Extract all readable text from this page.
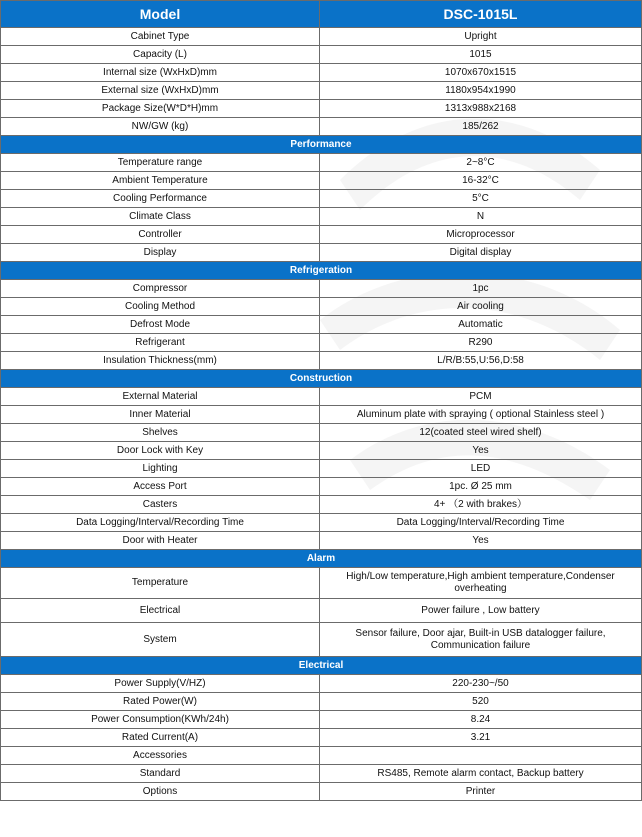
Model	DSC-1015L
Cabinet Type	Upright
Capacity (L)	1015
Internal size (WxHxD)mm	1070x670x1515
External size (WxHxD)mm	1180x954x1990
Package Size(W*D*H)mm	1313x988x2168
NW/GW (kg)	185/262
Performance	
Temperature range	2~8°C
Ambient Temperature	16-32°C
Cooling Performance	5°C
Climate Class	N
Controller	Microprocessor
Display	Digital display
Refrigeration	
Compressor	1pc
Cooling Method	Air cooling
Defrost Mode	Automatic
Refrigerant	R290
Insulation Thickness(mm)	L/R/B:55,U:56,D:58
Construction	
External Material	PCM
Inner Material	Aluminum plate with spraying ( optional Stainless steel )
Shelves	12(coated steel wired shelf)
Door Lock with Key	Yes
Lighting	LED
Access Port	1pc. Ø 25 mm
Casters	4+ （2 with brakes）
Data Logging/Interval/Recording Time	Data Logging/Interval/Recording Time
Door with Heater	Yes
Alarm	
Temperature	High/Low temperature,High ambient temperature,Condenser overheating
Electrical	Power failure , Low battery
System	Sensor failure, Door ajar, Built-in USB datalogger failure, Communication failure
Electrical	
Power Supply(V/HZ)	220-230~/50
Rated Power(W)	520
Power Consumption(KWh/24h)	8.24
Rated Current(A)	3.21
Accessories	
Standard	RS485, Remote alarm contact, Backup battery
Options	Printer
